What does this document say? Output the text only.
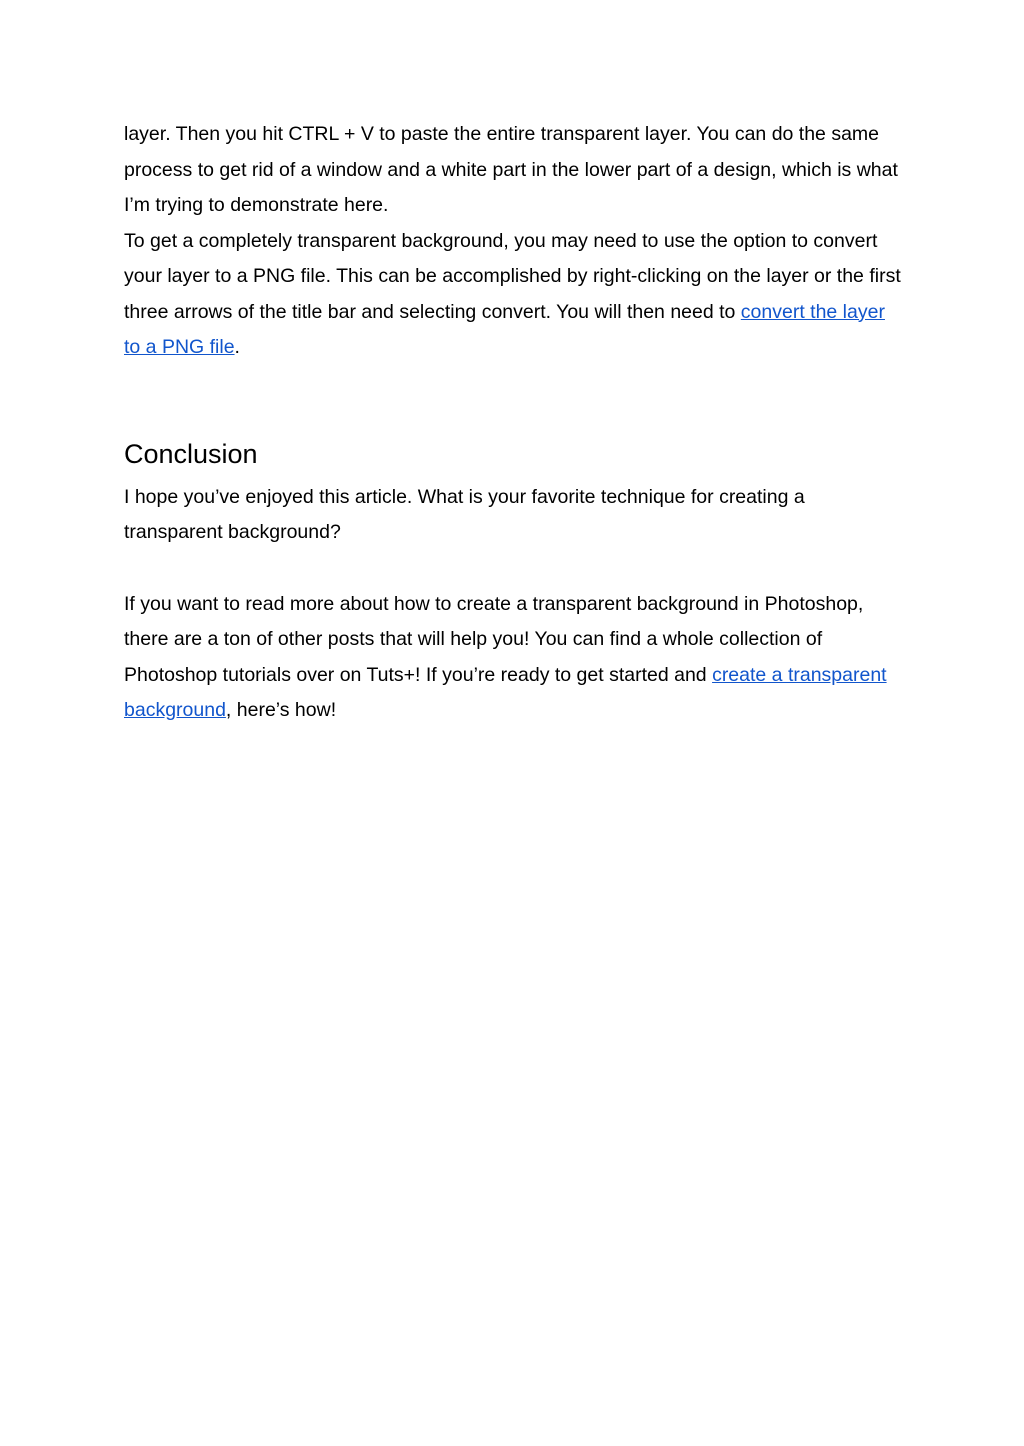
layer. Then you hit CTRL + V to paste the entire transparent layer. You can do the same process to get rid of a window and a white part in the lower part of a design, which is what I’m trying to demonstrate here.

To get a completely transparent background, you may need to use the option to convert your layer to a PNG file. This can be accomplished by right-clicking on the layer or the first three arrows of the title bar and selecting convert. You will then need to convert the layer to a PNG file.

Conclusion

I hope you’ve enjoyed this article. What is your favorite technique for creating a transparent background?

If you want to read more about how to create a transparent background in Photoshop, there are a ton of other posts that will help you! You can find a whole collection of Photoshop tutorials over on Tuts+! If you’re ready to get started and create a transparent background, here’s how!
